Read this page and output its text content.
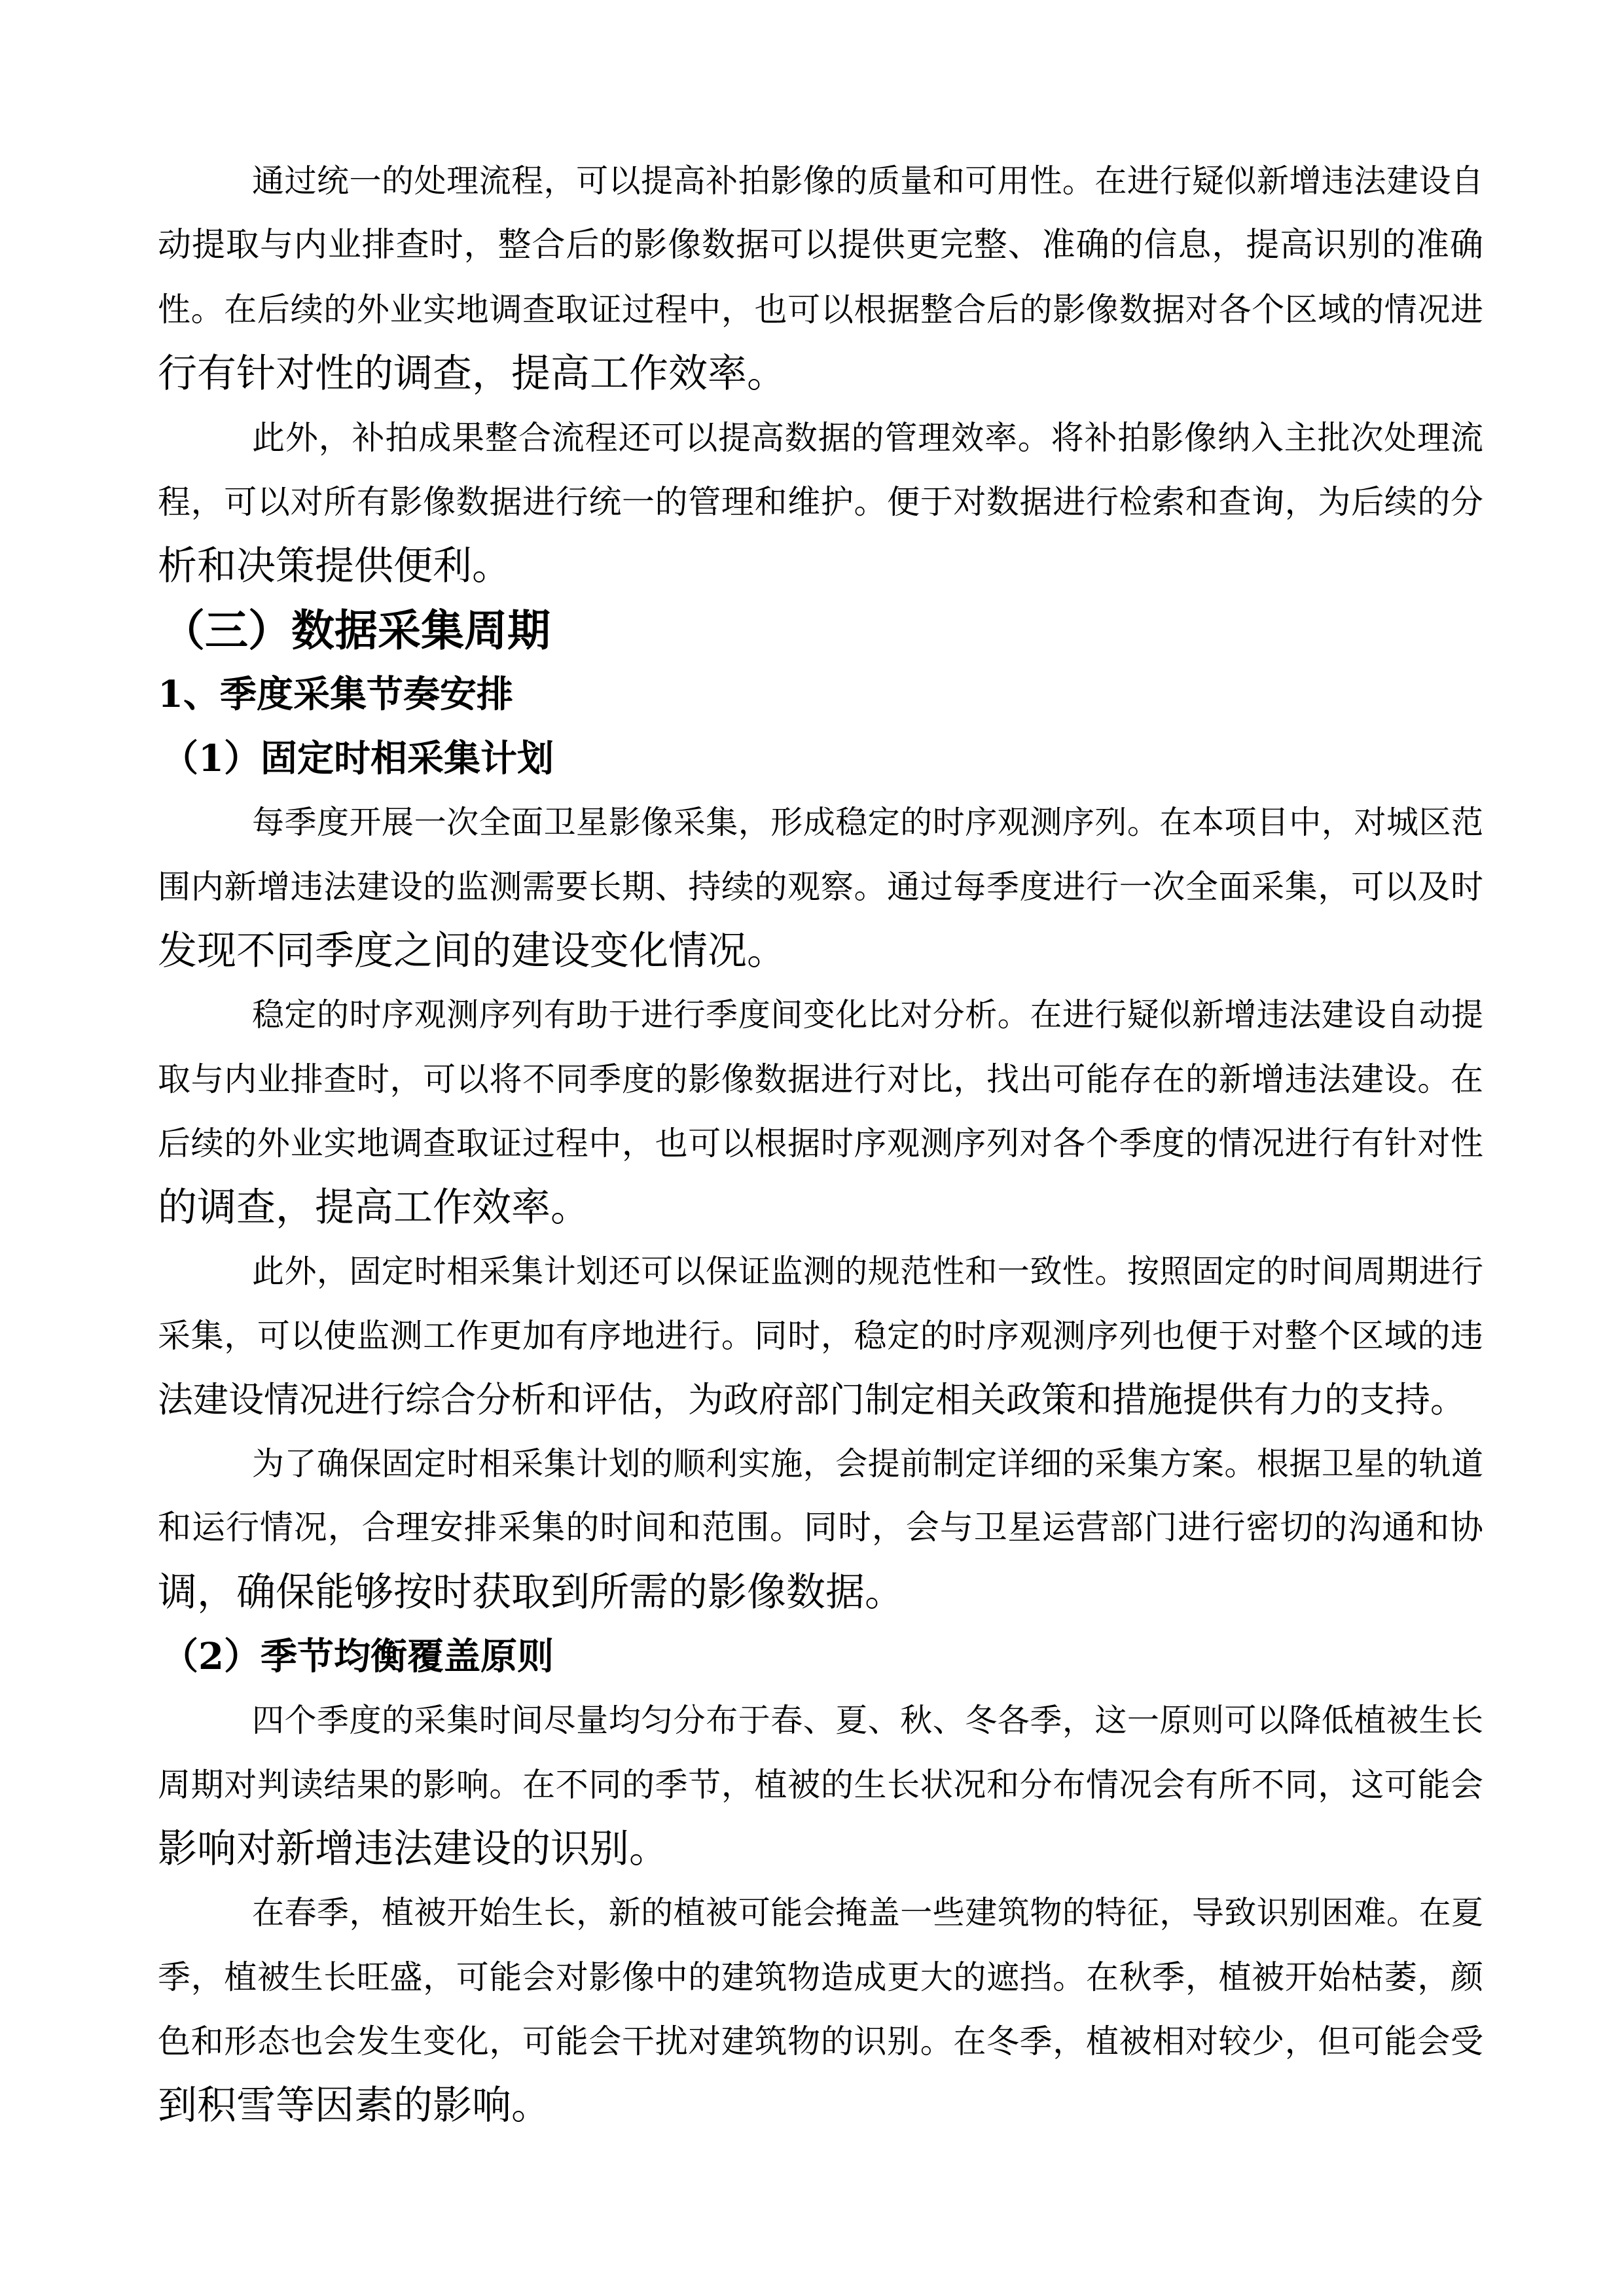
通过统一的处理流程，可以提高补拍影像的质量和可用性。在进行疑似新增违法建设自
动提取与内业排查时，整合后的影像数据可以提供更完整、准确的信息，提高识别的准确
性。在后续的外业实地调查取证过程中，也可以根据整合后的影像数据对各个区域的情况进
行有针对性的调查，提高工作效率。
此外，补拍成果整合流程还可以提高数据的管理效率。将补拍影像纳入主批次处理流
程，可以对所有影像数据进行统一的管理和维护。便于对数据进行检索和查询，为后续的分
析和决策提供便利。
（三）数据采集周期
1、季度采集节奏安排
（1）固定时相采集计划
每季度开展一次全面卫星影像采集，形成稳定的时序观测序列。在本项目中，对城区范
围内新增违法建设的监测需要长期、持续的观察。通过每季度进行一次全面采集，可以及时
发现不同季度之间的建设变化情况。
稳定的时序观测序列有助于进行季度间变化比对分析。在进行疑似新增违法建设自动提
取与内业排查时，可以将不同季度的影像数据进行对比，找出可能存在的新增违法建设。在
后续的外业实地调查取证过程中，也可以根据时序观测序列对各个季度的情况进行有针对性
的调查，提高工作效率。
此外，固定时相采集计划还可以保证监测的规范性和一致性。按照固定的时间周期进行
采集，可以使监测工作更加有序地进行。同时，稳定的时序观测序列也便于对整个区域的违
法建设情况进行综合分析和评估，为政府部门制定相关政策和措施提供有力的支持。
为了确保固定时相采集计划的顺利实施，会提前制定详细的采集方案。根据卫星的轨道
和运行情况，合理安排采集的时间和范围。同时，会与卫星运营部门进行密切的沟通和协
调，确保能够按时获取到所需的影像数据。
（2）季节均衡覆盖原则
四个季度的采集时间尽量均匀分布于春、夏、秋、冬各季，这一原则可以降低植被生长
周期对判读结果的影响。在不同的季节，植被的生长状况和分布情况会有所不同，这可能会
影响对新增违法建设的识别。
在春季，植被开始生长，新的植被可能会掩盖一些建筑物的特征，导致识别困难。在夏
季，植被生长旺盛，可能会对影像中的建筑物造成更大的遮挡。在秋季，植被开始枯萎，颜
色和形态也会发生变化，可能会干扰对建筑物的识别。在冬季，植被相对较少，但可能会受
到积雪等因素的影响。
